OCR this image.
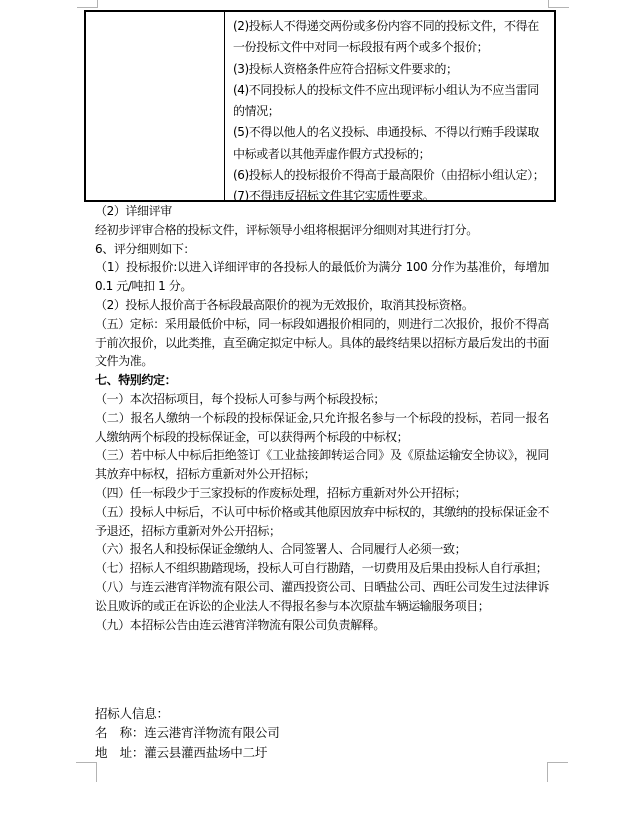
(2)投标人不得递交两份或多份内容不同的投标文件，不得在一份投标文件中对同一标段报有两个或多个报价；

(3)投标人资格条件应符合招标文件要求的；

(4)不同投标人的投标文件不应出现评标小组认为不应当雷同的情况；

(5)不得以他人的名义投标、串通投标、不得以行贿手段谋取中标或者以其他弄虚作假方式投标的；

(6)投标人的投标报价不得高于最高限价（由招标小组认定）；

(7)不得违反招标文件其它实质性要求。

（2）详细评审

经初步评审合格的投标文件，评标领导小组将根据评分细则对其进行打分。

6、评分细则如下：

（1）投标报价:以进入详细评审的各投标人的最低价为满分 100 分作为基准价，每增加 0.1 元/吨扣 1 分。

（2）投标人报价高于各标段最高限价的视为无效报价，取消其投标资格。

（五）定标：采用最低价中标，同一标段如遇报价相同的，则进行二次报价，报价不得高于前次报价，以此类推，直至确定拟定中标人。具体的最终结果以招标方最后发出的书面文件为准。

七、特别约定：

（一）本次招标项目，每个投标人可参与两个标段投标；

（二）报名人缴纳一个标段的投标保证金,只允许报名参与一个标段的投标，若同一报名人缴纳两个标段的投标保证金，可以获得两个标段的中标权；

（三）若中标人中标后拒绝签订《工业盐接卸转运合同》及《原盐运输安全协议》，视同其放弃中标权，招标方重新对外公开招标；

（四）任一标段少于三家投标的作废标处理，招标方重新对外公开招标；

（五）投标人中标后，不认可中标价格或其他原因放弃中标权的，其缴纳的投标保证金不予退还，招标方重新对外公开招标；

（六）报名人和投标保证金缴纳人、合同签署人、合同履行人必须一致；

（七）招标人不组织勘踏现场，投标人可自行勘踏，一切费用及后果由投标人自行承担；

（八）与连云港宵洋物流有限公司、灌西投资公司、日晒盐公司、西旺公司发生过法律诉讼且败诉的或正在诉讼的企业法人不得报名参与本次原盐车辆运输服务项目；

（九）本招标公告由连云港宵洋物流有限公司负责解释。

招标人信息：

名　称：连云港宵洋物流有限公司

地　址：灌云县灌西盐场中二圩
